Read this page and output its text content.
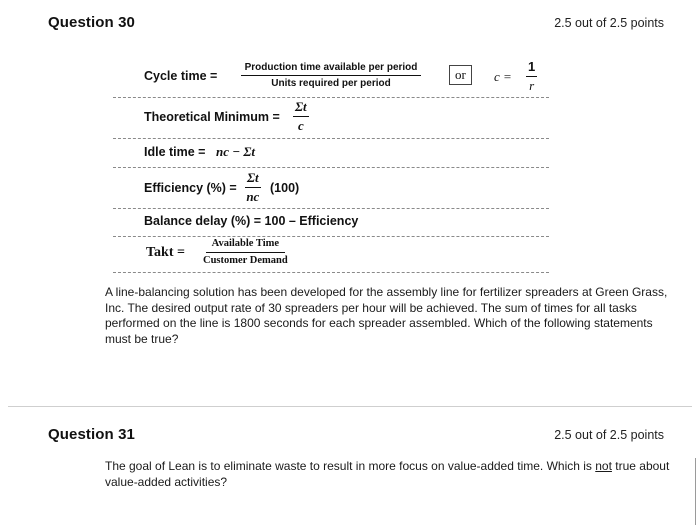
Question 30	2.5 out of 2.5 points
Cycle time =
Production time available per period
Units required per period
or	$c = \frac{1}{r}$
Theoretical Minimum = $\frac{\Sigma t}{c}$
Idle time = nc − Σt
Efficiency (%) = $\frac{\Sigma t}{nc} (100)$
Balance delay (%) = 100 – Efficiency
Takt =
Available Time
Customer Demand
A line-balancing solution has been developed for the assembly line for fertilizer spreaders at Green Grass, Inc. The desired output rate of 30 spreaders per hour will be achieved. The sum of times for all tasks performed on the line is 1800 seconds for each spreader assembled. Which of the following statements must be true?
Question 31	2.5 out of 2.5 points
The goal of Lean is to eliminate waste to result in more focus on value-added time. Which is not true about value-added activities?
